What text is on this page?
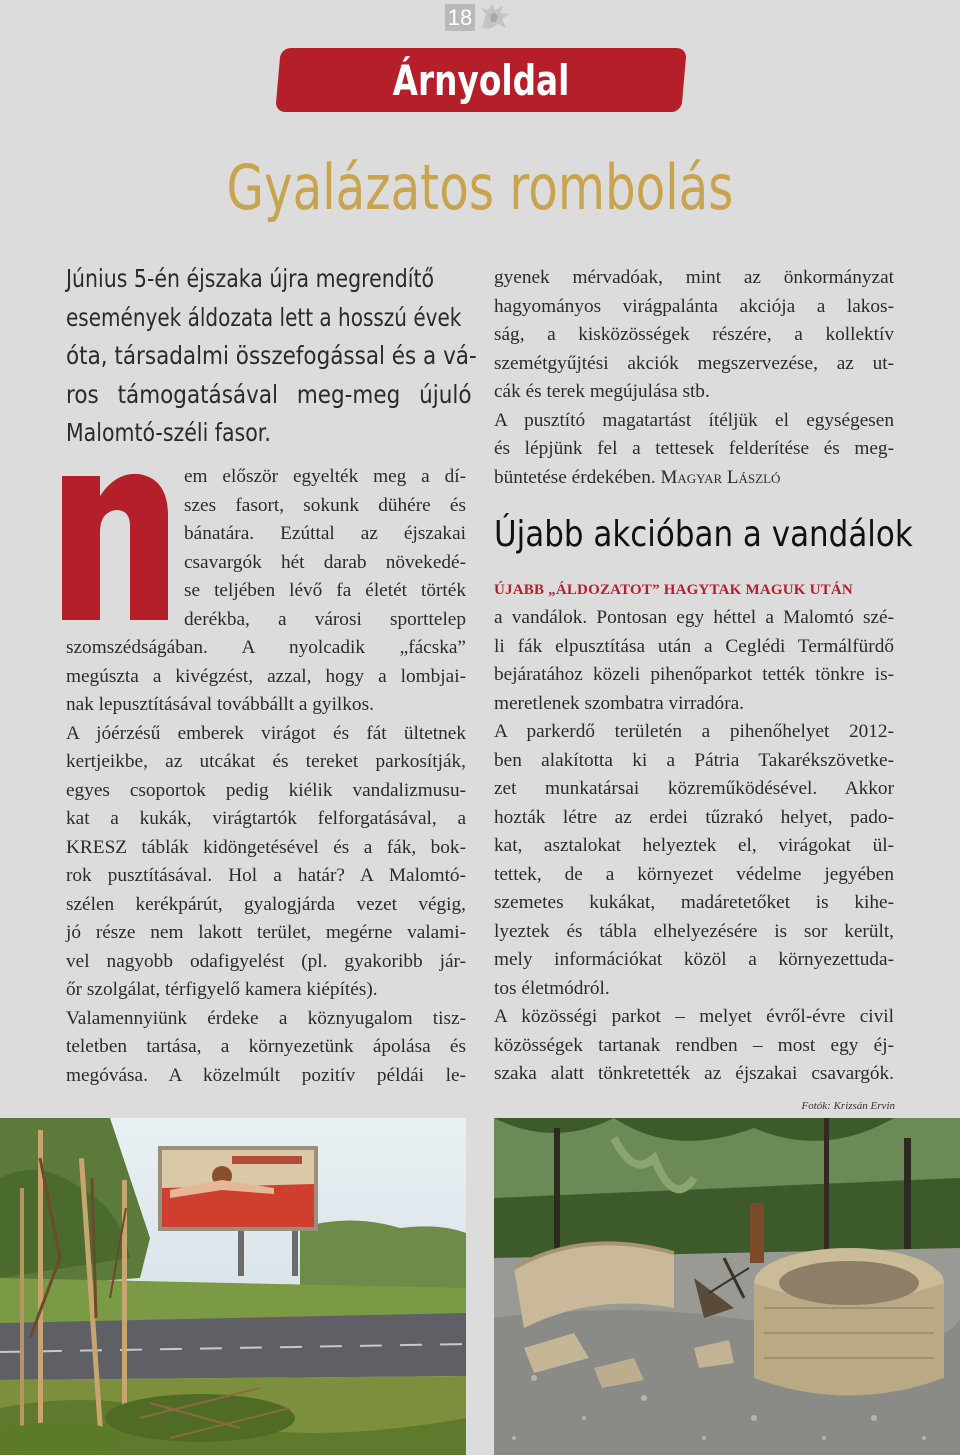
18
Árnyoldal
Gyalázatos rombolás
Június 5-én éjszaka újra megrendítő
események áldozata lett a hosszú évek
óta, társadalmi összefogással és a vá-
ros támogatásával meg-meg újuló
Malomtó-széli fasor.
em először egyelték meg a dí-
szes fasort, sokunk dühére és
bánatára. Ezúttal az éjszakai
csavargók hét darab növekedé-
se teljében lévő fa életét törték
derékba, a városi sporttelep
szomszédságában. A nyolcadik „fácska”
megúszta a kivégzést, azzal, hogy a lombjai-
nak lepusztításával továbbállt a gyilkos.
A jóérzésű emberek virágot és fát ültetnek
kertjeikbe, az utcákat és tereket parkosítják,
egyes csoportok pedig kiélik vandalizmusu-
kat a kukák, virágtartók felforgatásával, a
KRESZ táblák kidöngetésével és a fák, bok-
rok pusztításával. Hol a határ? A Malomtó-
szélen kerékpárút, gyalogjárda vezet végig,
jó része nem lakott terület, megérne valami-
vel nagyobb odafigyelést (pl. gyakoribb jár-
őr szolgálat, térfigyelő kamera kiépítés).
Valamennyiünk érdeke a köznyugalom tisz-
teletben tartása, a környezetünk ápolása és
megóvása. A közelmúlt pozitív példái le-
gyenek mérvadóak, mint az önkormányzat
hagyományos virágpalánta akciója a lakos-
ság, a kisközösségek részére, a kollektív
szemétgyűjtési akciók megszervezése, az ut-
cák és terek megújulása stb.
A pusztító magatartást ítéljük el egységesen
és lépjünk fel a tettesek felderítése és meg-
büntetése érdekében. Magyar László
Újabb akcióban a vandálok
ÚJABB „ÁLDOZATOT” HAGYTAK MAGUK UTÁN
a vandálok. Pontosan egy héttel a Malomtó szé-
li fák elpusztítása után a Ceglédi Termálfürdő
bejáratához közeli pihenőparkot tették tönkre is-
meretlenek szombatra virradóra.
A parkerdő területén a pihenőhelyet 2012-
ben alakította ki a Pátria Takarékszövetke-
zet munkatársai közreműködésével. Akkor
hozták létre az erdei tűzrakó helyet, pado-
kat, asztalokat helyeztek el, virágokat ül-
tettek, de a környezet védelme jegyében
szemetes kukákat, madáretetőket is kihe-
lyeztek és tábla elhelyezésére is sor került,
mely információkat közöl a környezettuda-
tos életmódról.
A közösségi parkot – melyet évről-évre civil
közösségek tartanak rendben – most egy éj-
szaka alatt tönkretették az éjszakai csavargók.
Fotók: Krizsán Ervin
